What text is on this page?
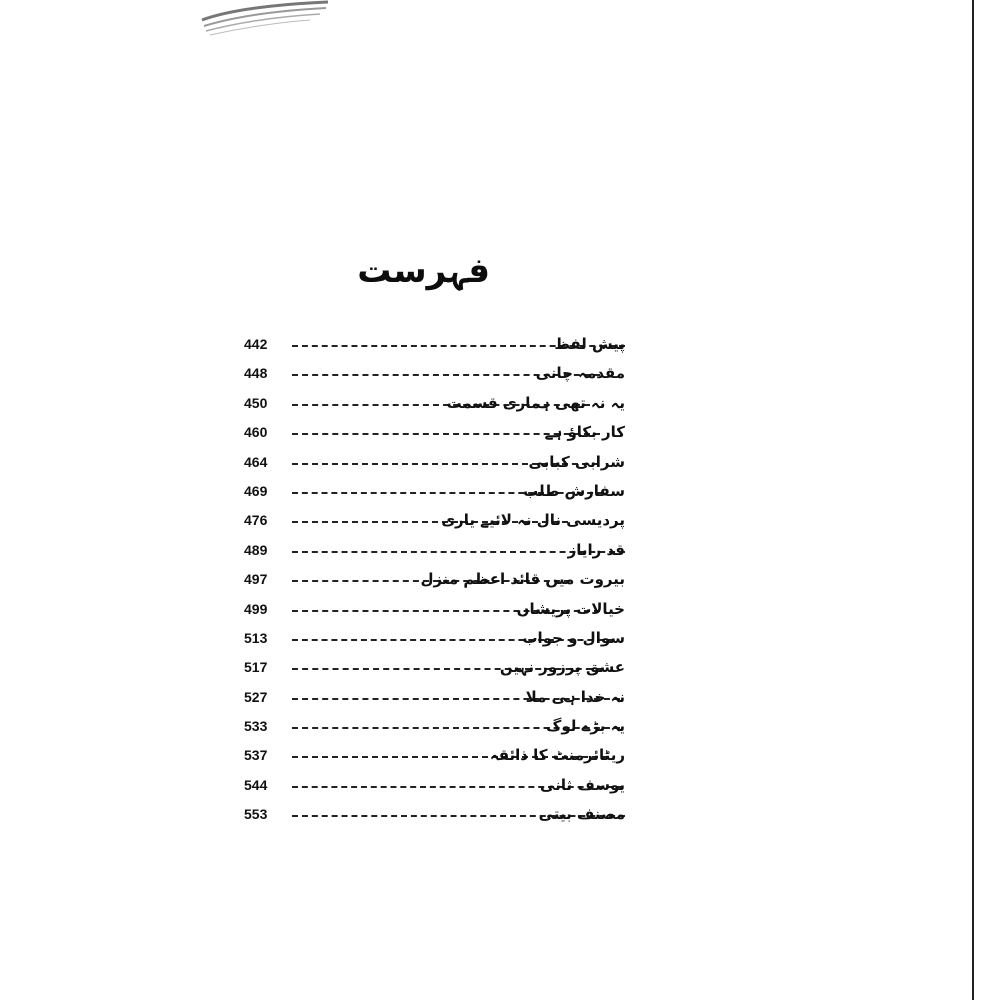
فہرست
442	پیش لفظ
448	مقدمہ چانی
450	یہ نہ تھی ہماری قسمت
460	کار بکاؤ ہے
464	شرابی کبابی
469	سفارش طلب
476	پردیسی نال نہ لائیے یاری
489	قد رایاز
497	بیروت میں قائد اعظم منزل
499	خیالات پریشاں
513	سوال و جواب
517	عشق پرزور نہیں
527	نہ خدا ہی ملا
533	یہ بڑے لوگ
537	ریٹائرمنٹ کا ذائقہ
544	یوسف ثانی
553	مصنف بیتی
